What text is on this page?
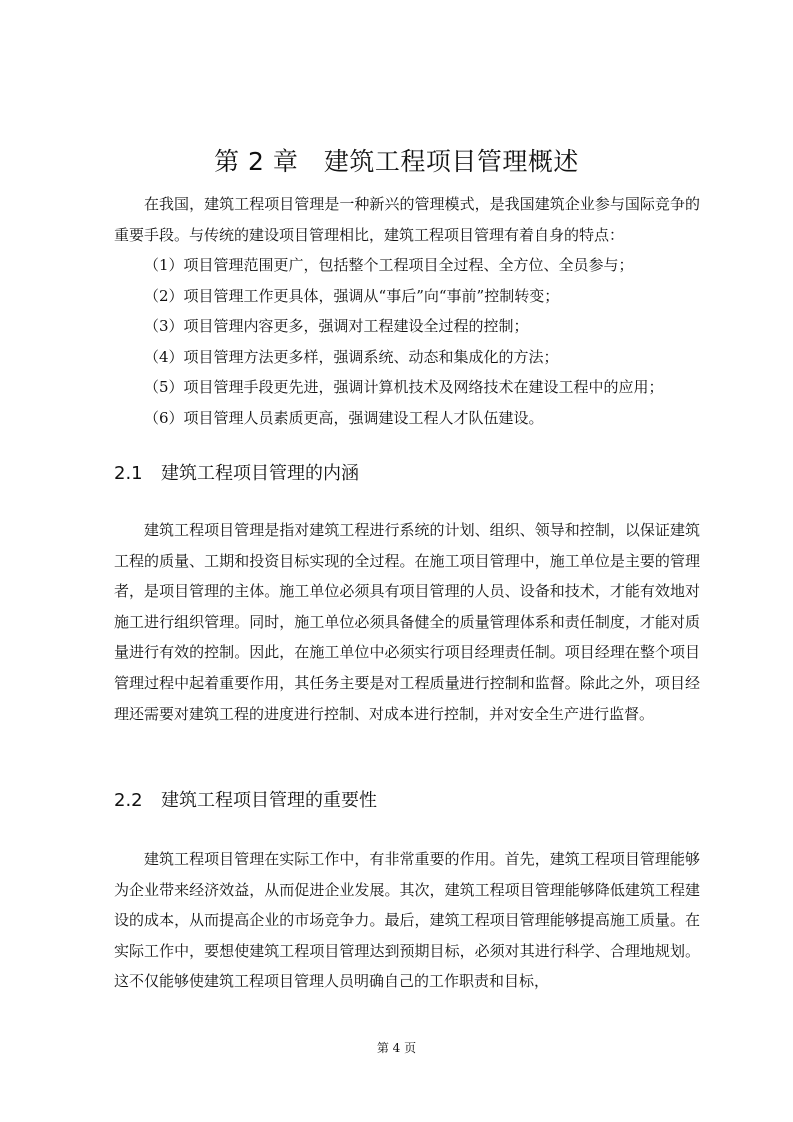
第 2 章　建筑工程项目管理概述

在我国，建筑工程项目管理是一种新兴的管理模式，是我国建筑企业参与国际竞争的重要手段。与传统的建设项目管理相比，建筑工程项目管理有着自身的特点：

（1）项目管理范围更广，包括整个工程项目全过程、全方位、全员参与；
（2）项目管理工作更具体，强调从“事后”向“事前”控制转变；
（3）项目管理内容更多，强调对工程建设全过程的控制；
（4）项目管理方法更多样，强调系统、动态和集成化的方法；
（5）项目管理手段更先进，强调计算机技术及网络技术在建设工程中的应用；
（6）项目管理人员素质更高，强调建设工程人才队伍建设。
2.1 建筑工程项目管理的内涵

建筑工程项目管理是指对建筑工程进行系统的计划、组织、领导和控制，以保证建筑工程的质量、工期和投资目标实现的全过程。在施工项目管理中，施工单位是主要的管理者，是项目管理的主体。施工单位必须具有项目管理的人员、设备和技术，才能有效地对施工进行组织管理。同时，施工单位必须具备健全的质量管理体系和责任制度，才能对质量进行有效的控制。因此，在施工单位中必须实行项目经理责任制。项目经理在整个项目管理过程中起着重要作用，其任务主要是对工程质量进行控制和监督。除此之外，项目经理还需要对建筑工程的进度进行控制、对成本进行控制，并对安全生产进行监督。

2.2 建筑工程项目管理的重要性

建筑工程项目管理在实际工作中，有非常重要的作用。首先，建筑工程项目管理能够为企业带来经济效益，从而促进企业发展。其次，建筑工程项目管理能够降低建筑工程建设的成本，从而提高企业的市场竞争力。最后，建筑工程项目管理能够提高施工质量。在实际工作中，要想使建筑工程项目管理达到预期目标，必须对其进行科学、合理地规划。这不仅能够使建筑工程项目管理人员明确自己的工作职责和目标，

第 4 页
